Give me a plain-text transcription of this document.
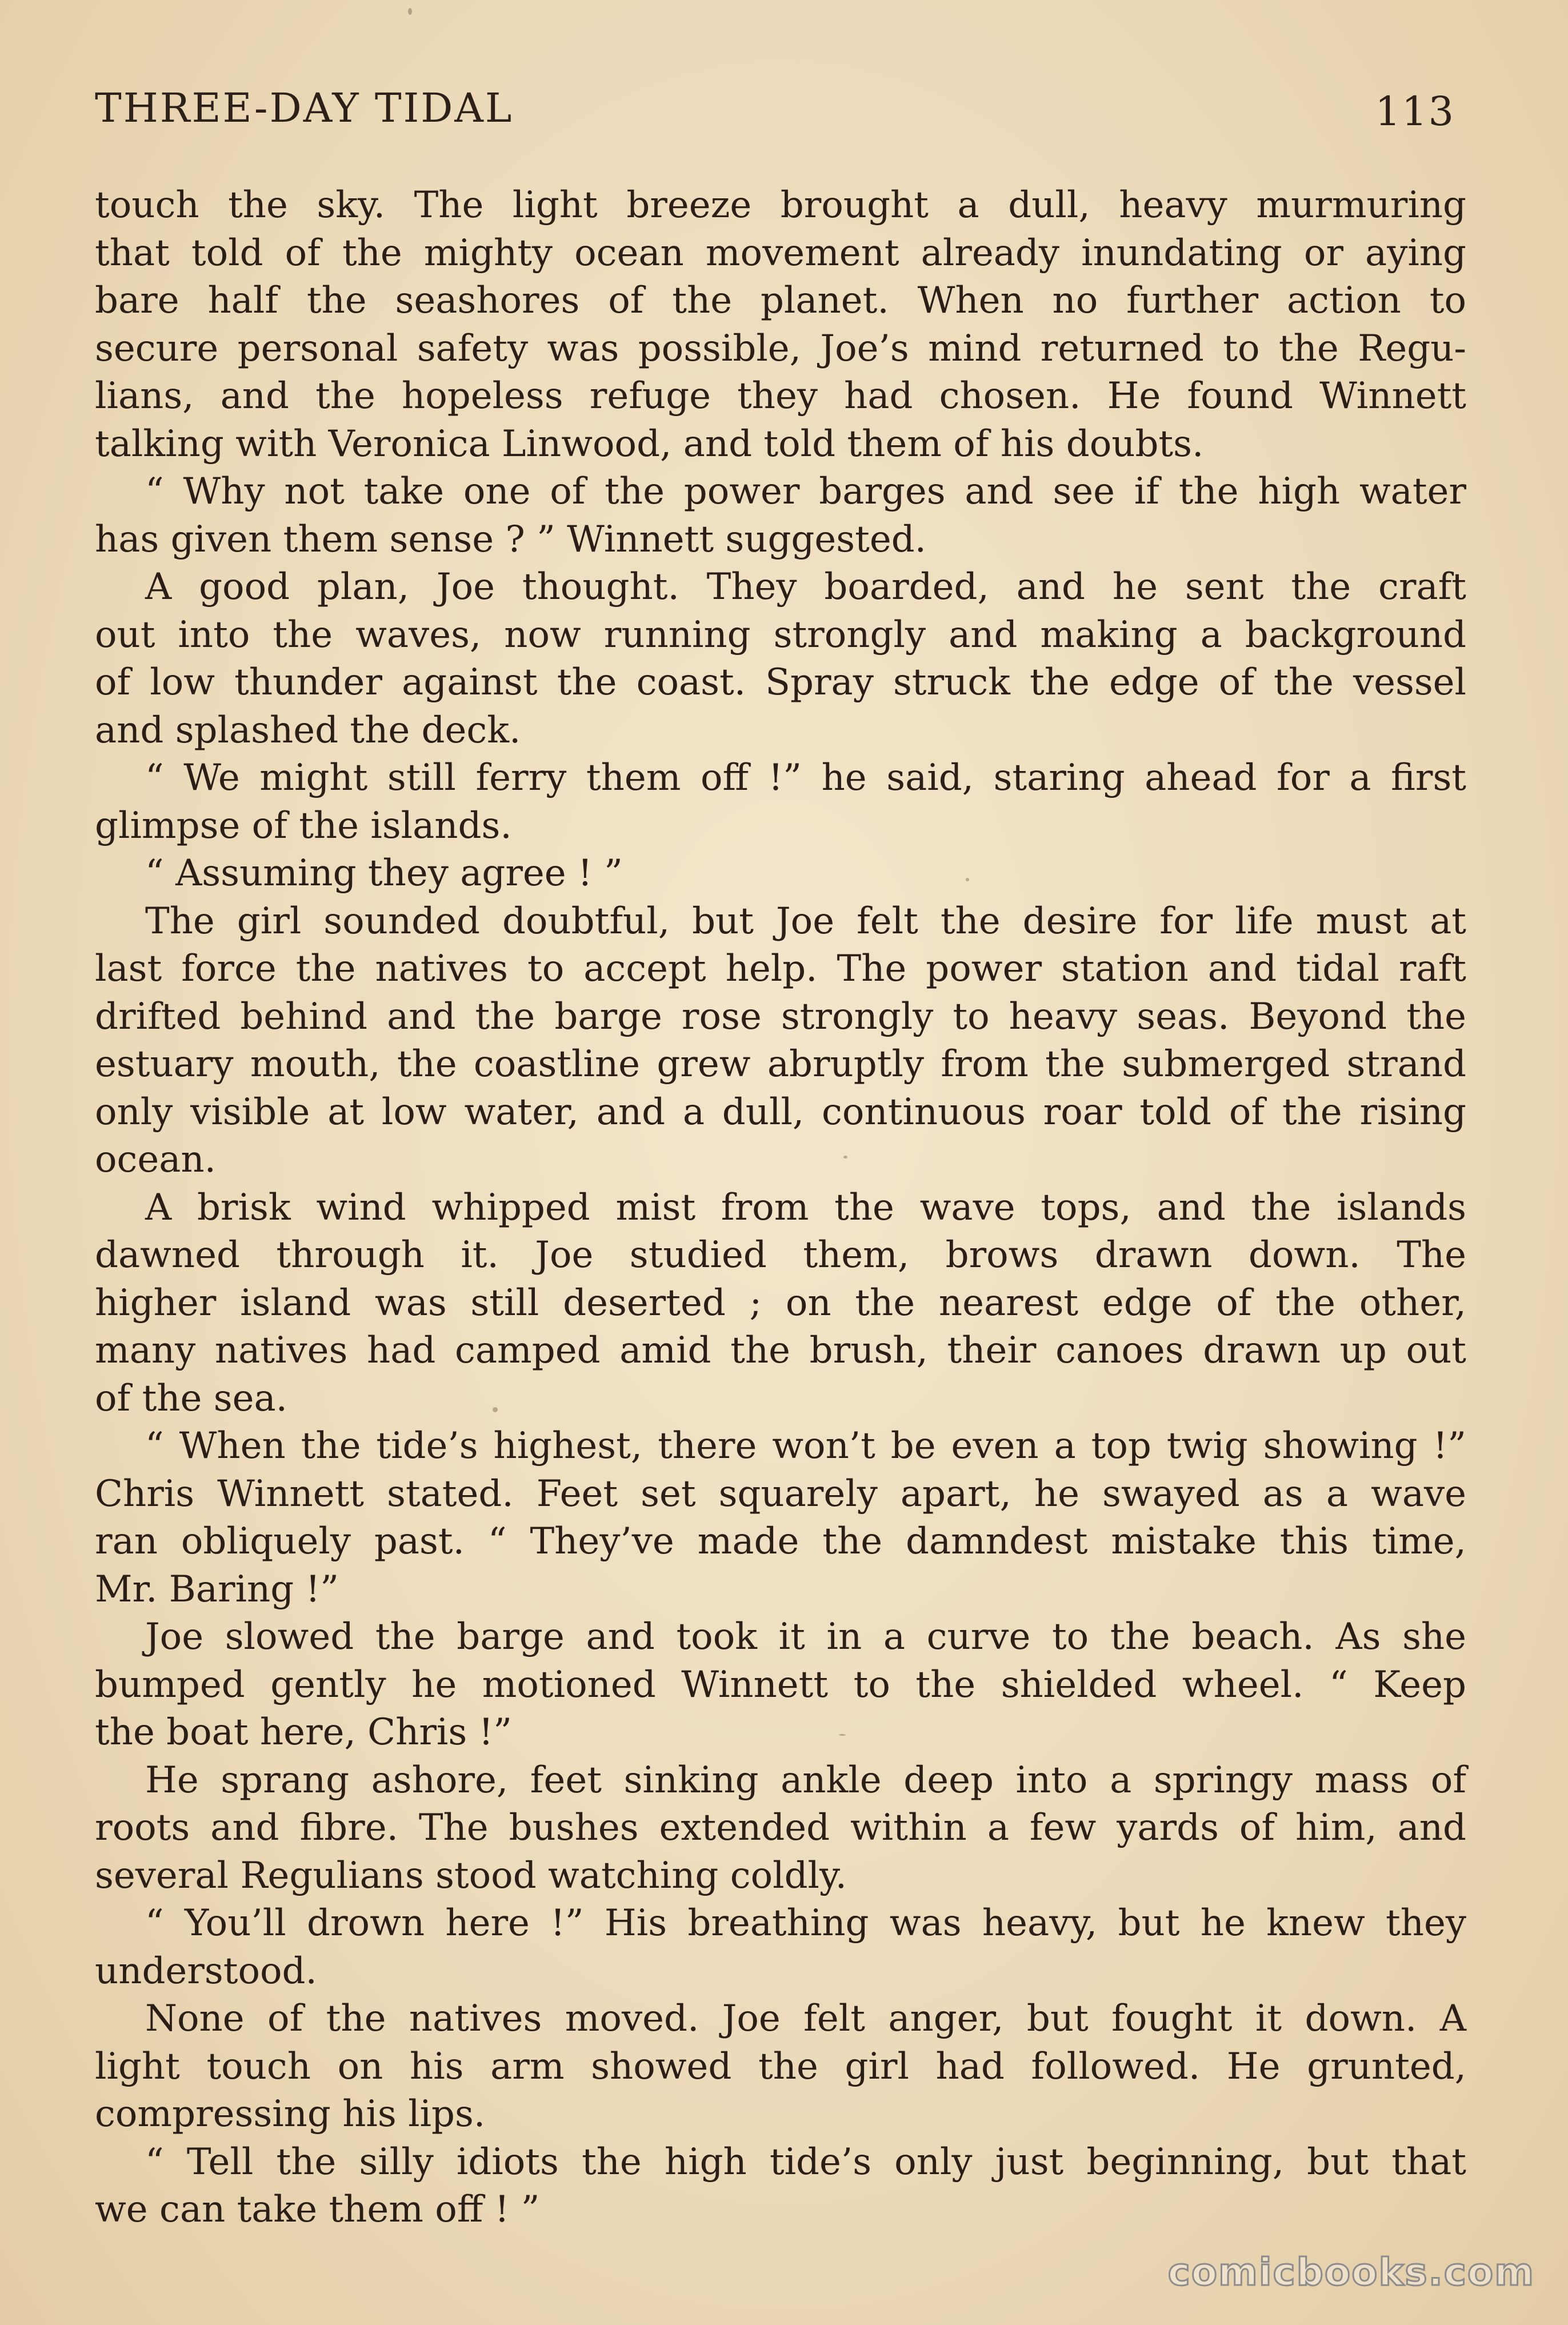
THREE-DAY TIDAL	113
touch the sky. The light breeze brought a dull, heavy murmuring
that told of the mighty ocean movement already inundating or aying
bare half the seashores of the planet. When no further action to
secure personal safety was possible, Joe’s mind returned to the Regu-
lians, and the hopeless refuge they had chosen. He found Winnett
talking with Veronica Linwood, and told them of his doubts.
“ Why not take one of the power barges and see if the high water
has given them sense ? ” Winnett suggested.
A good plan, Joe thought. They boarded, and he sent the craft
out into the waves, now running strongly and making a background
of low thunder against the coast. Spray struck the edge of the vessel
and splashed the deck.
“ We might still ferry them off !” he said, staring ahead for a first
glimpse of the islands.
“ Assuming they agree ! ”
The girl sounded doubtful, but Joe felt the desire for life must at
last force the natives to accept help. The power station and tidal raft
drifted behind and the barge rose strongly to heavy seas. Beyond the
estuary mouth, the coastline grew abruptly from the submerged strand
only visible at low water, and a dull, continuous roar told of the rising
ocean.
A brisk wind whipped mist from the wave tops, and the islands
dawned through it. Joe studied them, brows drawn down. The
higher island was still deserted ; on the nearest edge of the other,
many natives had camped amid the brush, their canoes drawn up out
of the sea.
“ When the tide’s highest, there won’t be even a top twig showing !”
Chris Winnett stated. Feet set squarely apart, he swayed as a wave
ran obliquely past. “ They’ve made the damndest mistake this time,
Mr. Baring !”
Joe slowed the barge and took it in a curve to the beach. As she
bumped gently he motioned Winnett to the shielded wheel. “ Keep
the boat here, Chris !”
He sprang ashore, feet sinking ankle deep into a springy mass of
roots and fibre. The bushes extended within a few yards of him, and
several Regulians stood watching coldly.
“ You’ll drown here !” His breathing was heavy, but he knew they
understood.
None of the natives moved. Joe felt anger, but fought it down. A
light touch on his arm showed the girl had followed. He grunted,
compressing his lips.
“ Tell the silly idiots the high tide’s only just beginning, but that
we can take them off ! ”
comicbooks.com
